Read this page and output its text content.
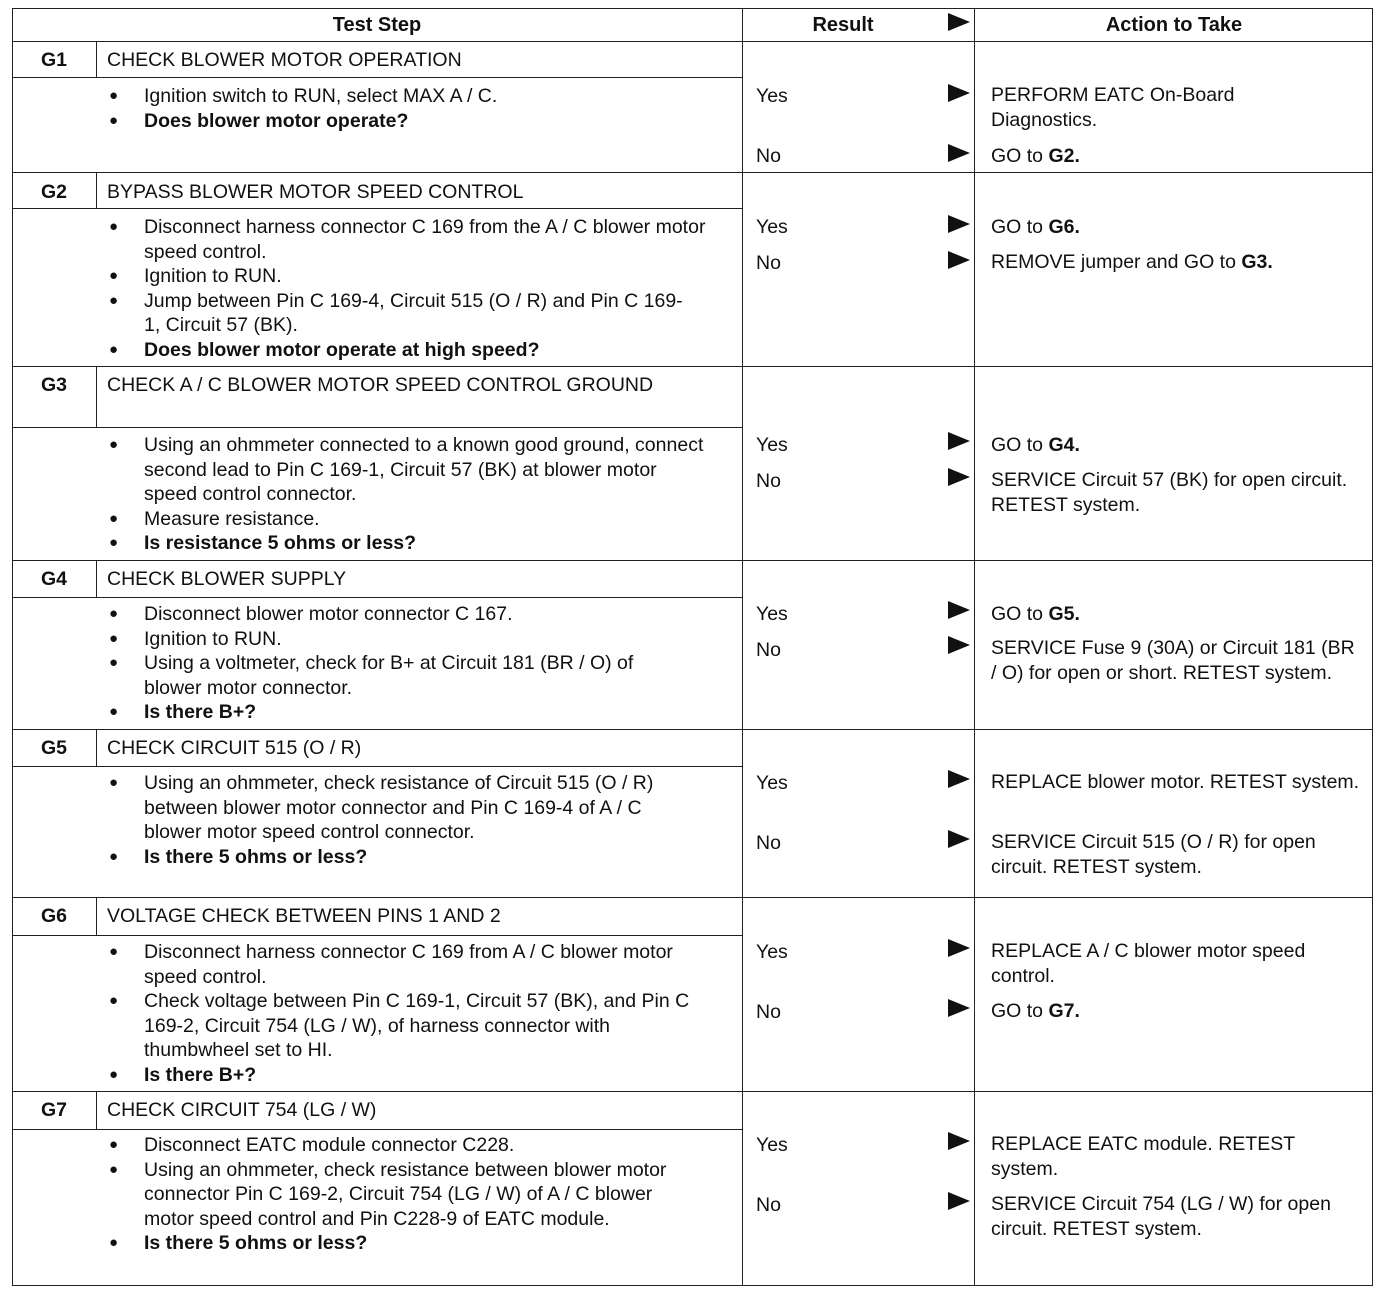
Test Step	Result	Action to Take
G1	CHECK BLOWER MOTOR OPERATION
● Ignition switch to RUN, select MAX A / C.
● Does blower motor operate?
Yes	PERFORM EATC On-Board Diagnostics.
No	GO to G2.
G2	BYPASS BLOWER MOTOR SPEED CONTROL
● Disconnect harness connector C 169 from the A / C blower motor speed control.
● Ignition to RUN.
● Jump between Pin C 169-4, Circuit 515 (O / R) and Pin C 169-1, Circuit 57 (BK).
● Does blower motor operate at high speed?
Yes	GO to G6.
No	REMOVE jumper and GO to G3.
G3	CHECK A / C BLOWER MOTOR SPEED CONTROL GROUND
● Using an ohmmeter connected to a known good ground, connect second lead to Pin C 169-1, Circuit 57 (BK) at blower motor speed control connector.
● Measure resistance.
● Is resistance 5 ohms or less?
Yes	GO to G4.
No	SERVICE Circuit 57 (BK) for open circuit. RETEST system.
G4	CHECK BLOWER SUPPLY
● Disconnect blower motor connector C 167.
● Ignition to RUN.
● Using a voltmeter, check for B+ at Circuit 181 (BR / O) of blower motor connector.
● Is there B+?
Yes	GO to G5.
No	SERVICE Fuse 9 (30A) or Circuit 181 (BR / O) for open or short. RETEST system.
G5	CHECK CIRCUIT 515 (O / R)
● Using an ohmmeter, check resistance of Circuit 515 (O / R) between blower motor connector and Pin C 169-4 of A / C blower motor speed control connector.
● Is there 5 ohms or less?
Yes	REPLACE blower motor. RETEST system.
No	SERVICE Circuit 515 (O / R) for open circuit. RETEST system.
G6	VOLTAGE CHECK BETWEEN PINS 1 AND 2
● Disconnect harness connector C 169 from A / C blower motor speed control.
● Check voltage between Pin C 169-1, Circuit 57 (BK), and Pin C 169-2, Circuit 754 (LG / W), of harness connector with thumbwheel set to HI.
● Is there B+?
Yes	REPLACE A / C blower motor speed control.
No	GO to G7.
G7	CHECK CIRCUIT 754 (LG / W)
● Disconnect EATC module connector C228.
● Using an ohmmeter, check resistance between blower motor connector Pin C 169-2, Circuit 754 (LG / W) of A / C blower motor speed control and Pin C228-9 of EATC module.
● Is there 5 ohms or less?
Yes	REPLACE EATC module. RETEST system.
No	SERVICE Circuit 754 (LG / W) for open circuit. RETEST system.
